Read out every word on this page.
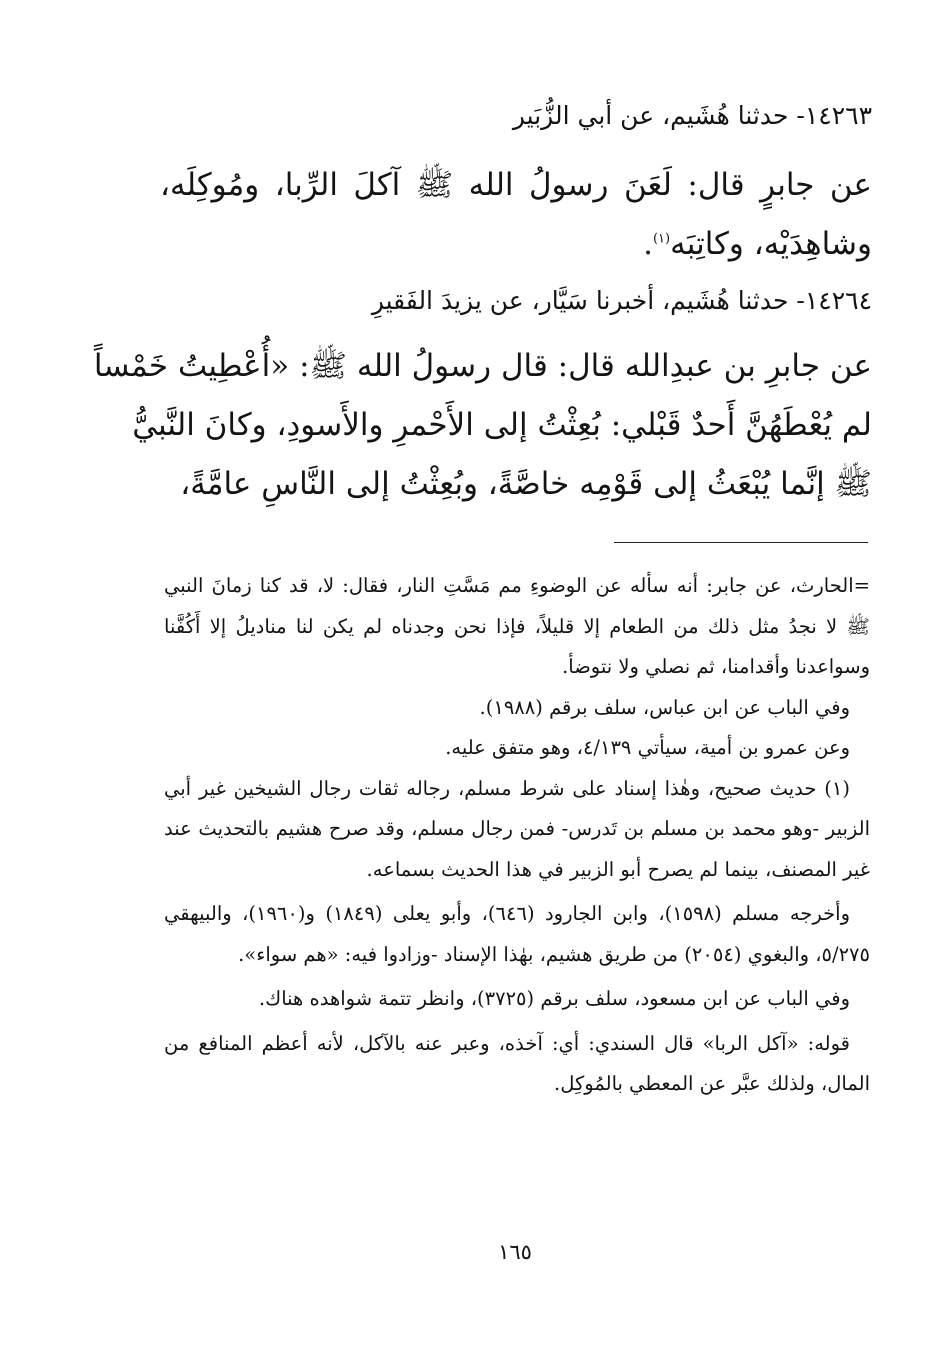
١٤٢٦٣- حدثنا هُشَيم، عن أبي الزُّبَير

عن جابرٍ قال: لَعَنَ رسولُ الله ﷺ آكلَ الرِّبا، ومُوكِلَه،

وشاهِدَيْه، وكاتِبَه$^{(١)}$.

١٤٢٦٤- حدثنا هُشَيم، أخبرنا سَيَّار، عن يزيدَ الفَقيرِ

عن جابرِ بن عبدِالله قال: قال رسولُ الله ﷺ: «أُعْطِيتُ خَمْساً

لم يُعْطَهُنَّ أَحدٌ قَبْلي: بُعِثْتُ إلى الأَحْمرِ والأَسودِ، وكانَ النَّبيُّ

ﷺ إنَّما يُبْعَثُ إلى قَوْمِه خاصَّةً، وبُعِثْتُ إلى النَّاسِ عامَّةً،

=الحارث، عن جابر: أنه سأله عن الوضوءِ مم مَسَّتِ النار، فقال: لا، قد كنا زمانَ النبي ﷺ لا نجدُ مثل ذلك من الطعام إلا قليلاً، فإذا نحن وجدناه لم يكن لنا مناديلُ إلا أَكُفَّنا وسواعدنا وأقدامنا، ثم نصلي ولا نتوضأ.

وفي الباب عن ابن عباس، سلف برقم (١٩٨٨).

وعن عمرو بن أمية، سيأتي ٤/١٣٩، وهو متفق عليه.

(١) حديث صحيح، وهٰذا إسناد على شرط مسلم، رجاله ثقات رجال الشيخين غير أبي الزبير -وهو محمد بن مسلم بن تَدرس- فمن رجال مسلم، وقد صرح هشيم بالتحديث عند غير المصنف، بينما لم يصرح أبو الزبير في هذا الحديث بسماعه.

وأخرجه مسلم (١٥٩٨)، وابن الجارود (٦٤٦)، وأبو يعلى (١٨٤٩) و(١٩٦٠)، والبيهقي ٥/٢٧٥، والبغوي (٢٠٥٤) من طريق هشيم، بهٰذا الإسناد -وزادوا فيه: «هم سواء».

وفي الباب عن ابن مسعود، سلف برقم (٣٧٢٥)، وانظر تتمة شواهده هناك.

قوله: «آكل الربا» قال السندي: أي: آخذه، وعبر عنه بالآكل، لأنه أعظم المنافع من المال، ولذلك عبَّر عن المعطي بالمُوكِل.

١٦٥
